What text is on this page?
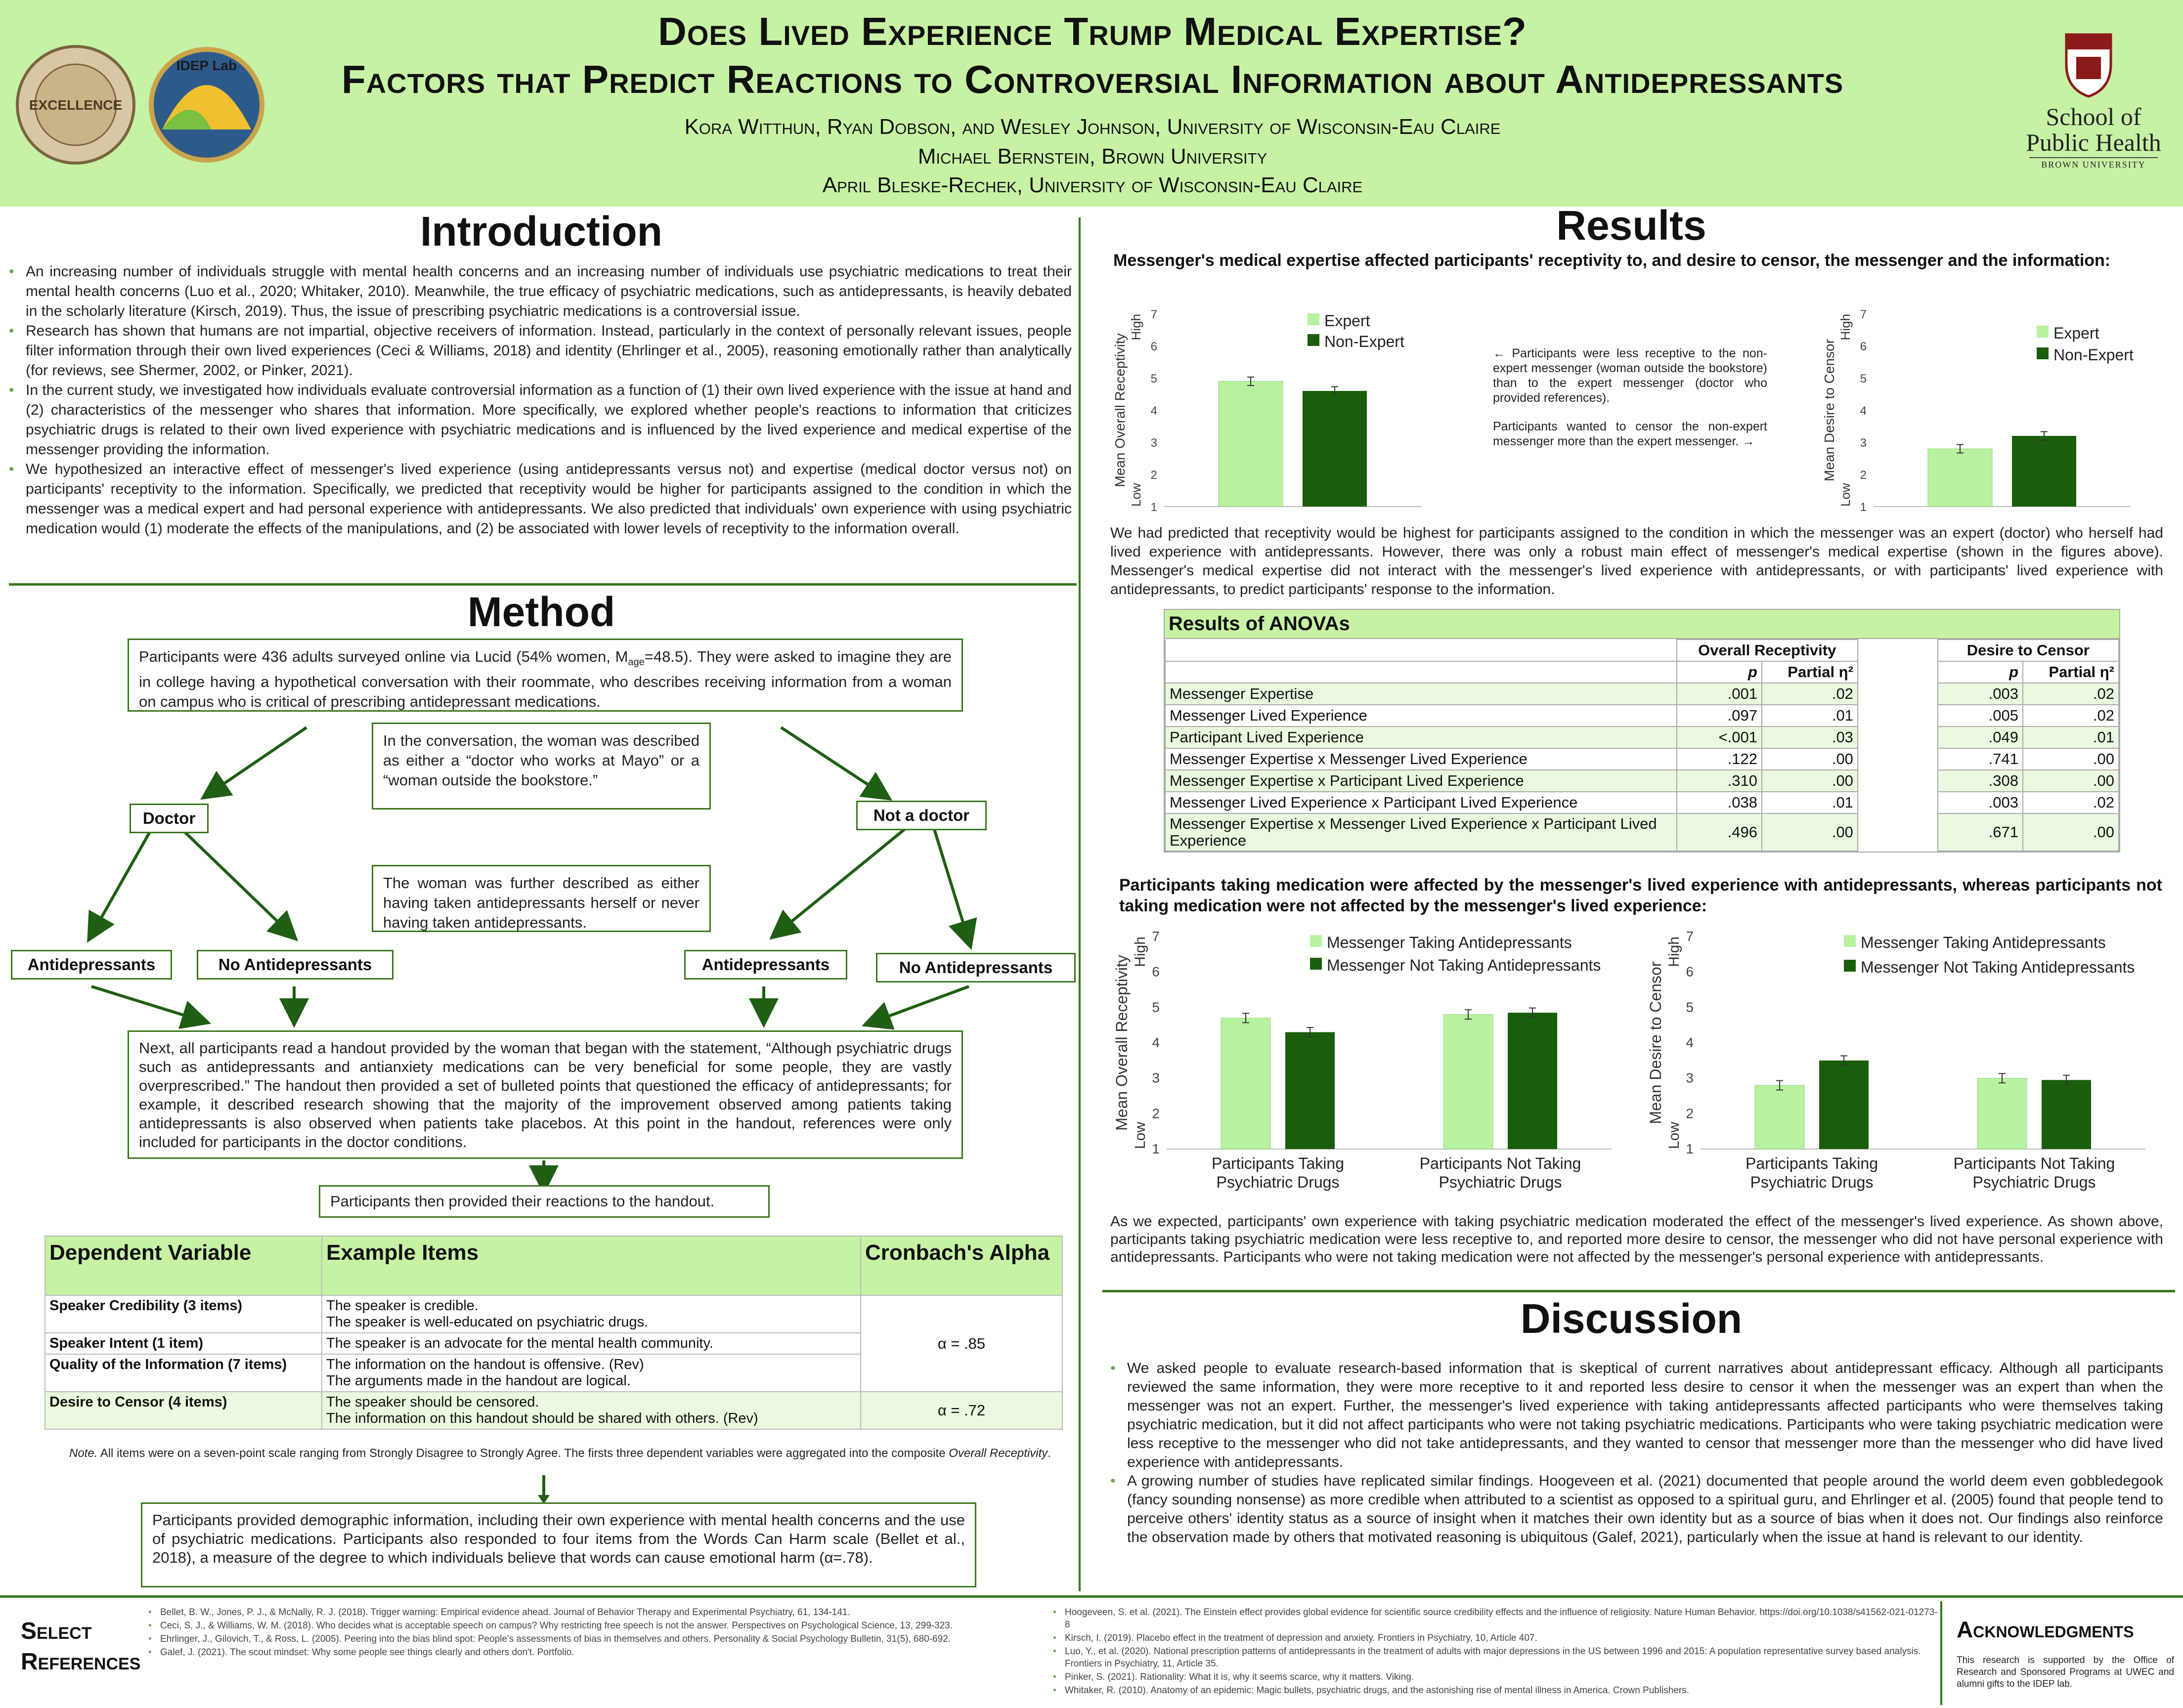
EXCELLENCE
IDEP Lab
Does Lived Experience Trump Medical Expertise?
Factors that Predict Reactions to Controversial Information about Antidepressants
Kora Witthun, Ryan Dobson, and Wesley Johnson, University of Wisconsin-Eau Claire
Michael Bernstein, Brown University
April Bleske-Rechek, University of Wisconsin-Eau Claire
School of
Public Health
BROWN UNIVERSITY
Introduction
• An increasing number of individuals struggle with mental health concerns and an increasing number of individuals use psychiatric medications to treat their mental health concerns (Luo et al., 2020; Whitaker, 2010). Meanwhile, the true efficacy of psychiatric medications, such as antidepressants, is heavily debated in the scholarly literature (Kirsch, 2019). Thus, the issue of prescribing psychiatric medications is a controversial issue.
• Research has shown that humans are not impartial, objective receivers of information. Instead, particularly in the context of personally relevant issues, people filter information through their own lived experiences (Ceci & Williams, 2018) and identity (Ehrlinger et al., 2005), reasoning emotionally rather than analytically (for reviews, see Shermer, 2002, or Pinker, 2021).
• In the current study, we investigated how individuals evaluate controversial information as a function of (1) their own lived experience with the issue at hand and (2) characteristics of the messenger who shares that information. More specifically, we explored whether people's reactions to information that criticizes psychiatric drugs is related to their own lived experience with psychiatric medications and is influenced by the lived experience and medical expertise of the messenger providing the information.
• We hypothesized an interactive effect of messenger's lived experience (using antidepressants versus not) and expertise (medical doctor versus not) on participants' receptivity to the information. Specifically, we predicted that receptivity would be higher for participants assigned to the condition in which the messenger was a medical expert and had personal experience with antidepressants. We also predicted that individuals' own experience with using psychiatric medication would (1) moderate the effects of the manipulations, and (2) be associated with lower levels of receptivity to the information overall.
Method
Participants were 436 adults surveyed online via Lucid (54% women, $M_{age}=48.5$). They were asked to imagine they are in college having a hypothetical conversation with their roommate, who describes receiving information from a woman on campus who is critical of prescribing antidepressant medications.
In the conversation, the woman was described as either a “doctor who works at Mayo” or a “woman outside the bookstore.”
The woman was further described as either having taken antidepressants herself or never having taken antidepressants.
Doctor	Not a doctor
Antidepressants	No Antidepressants	Antidepressants	No Antidepressants
Next, all participants read a handout provided by the woman that began with the statement, “Although psychiatric drugs such as antidepressants and antianxiety medications can be very beneficial for some people, they are vastly overprescribed.” The handout then provided a set of bulleted points that questioned the efficacy of antidepressants; for example, it described research showing that the majority of the improvement observed among patients taking antidepressants is also observed when patients take placebos. At this point in the handout, references were only included for participants in the doctor conditions.
Participants then provided their reactions to the handout.
Dependent Variable	Example Items	Cronbach's Alpha
Speaker Credibility (3 items)	The speaker is credible.
The speaker is well-educated on psychiatric drugs.	α = .85
Speaker Intent (1 item)	The speaker is an advocate for the mental health community.	

Quality of the Information (7 items)	The information on the handout is offensive. (Rev)
The arguments made in the handout are logical.	

Desire to Censor (4 items)	The speaker should be censored.
The information on this handout should be shared with others. (Rev)	α = .72
Note. All items were on a seven-point scale ranging from Strongly Disagree to Strongly Agree. The firsts three dependent variables were aggregated into the composite Overall Receptivity.
Participants provided demographic information, including their own experience with mental health concerns and the use of psychiatric medications. Participants also responded to four items from the Words Can Harm scale (Bellet et al., 2018), a measure of the degree to which individuals believe that words can cause emotional harm (α=.78).
Results
Messenger's medical expertise affected participants' receptivity to, and desire to censor, the messenger and the information:
1
2
3
4
5
6
7
Mean Overall Receptivity
Low
High	Expert
Non-Expert
← Participants were less receptive to the non-expert messenger (woman outside the bookstore) than to the expert messenger (doctor who provided references).
Participants wanted to censor the non-expert messenger more than the expert messenger. →
1
2
3
4
5
6
7
Mean Desire to Censor
Low
High	Expert
Non-Expert
We had predicted that receptivity would be highest for participants assigned to the condition in which the messenger was an expert (doctor) who herself had lived experience with antidepressants. However, there was only a robust main effect of messenger's medical expertise (shown in the figures above). Messenger's medical expertise did not interact with the messenger's lived experience with antidepressants, or with participants' lived experience with antidepressants, to predict participants' response to the information.
Results of ANOVAs
	Overall Receptivity			Desire to Censor	
	p	Partial η²		p	Partial η²
Messenger Expertise	.001	.02		.003	.02
Messenger Lived Experience	.097	.01		.005	.02
Participant Lived Experience	<.001	.03		.049	.01
Messenger Expertise x Messenger Lived Experience	.122	.00		.741	.00
Messenger Expertise x Participant Lived Experience	.310	.00		.308	.00
Messenger Lived Experience x Participant Lived Experience	.038	.01		.003	.02
Messenger Expertise x Messenger Lived Experience x Participant Lived Experience	.496	.00		.671	.00
Participants taking medication were affected by the messenger's lived experience with antidepressants, whereas participants not taking medication were not affected by the messenger's lived experience:
1
2
3
4
5
6
7
Mean Overall Receptivity
Low
High
Participants Taking
Psychiatric Drugs
Participants Not Taking
Psychiatric Drugs
Messenger Taking Antidepressants
Messenger Not Taking Antidepressants
1
2
3
4
5
6
7
Mean Desire to Censor
Low
High
Participants Taking
Psychiatric Drugs
Participants Not Taking
Psychiatric Drugs
Messenger Taking Antidepressants
Messenger Not Taking Antidepressants
As we expected, participants' own experience with taking psychiatric medication moderated the effect of the messenger's lived experience. As shown above, participants taking psychiatric medication were less receptive to, and reported more desire to censor, the messenger who did not have personal experience with antidepressants. Participants who were not taking medication were not affected by the messenger's personal experience with antidepressants.
Discussion
• We asked people to evaluate research-based information that is skeptical of current narratives about antidepressant efficacy. Although all participants reviewed the same information, they were more receptive to it and reported less desire to censor it when the messenger was an expert than when the messenger was not an expert. Further, the messenger's lived experience with taking antidepressants affected participants who were themselves taking psychiatric medication, but it did not affect participants who were not taking psychiatric medications. Participants who were taking psychiatric medication were less receptive to the messenger who did not take antidepressants, and they wanted to censor that messenger more than the messenger who did have lived experience with antidepressants.
• A growing number of studies have replicated similar findings. Hoogeveen et al. (2021) documented that people around the world deem even gobbledegook (fancy sounding nonsense) as more credible when attributed to a scientist as opposed to a spiritual guru, and Ehrlinger et al. (2005) found that people tend to perceive others' identity status as a source of insight when it matches their own identity but as a source of bias when it does not. Our findings also reinforce the observation made by others that motivated reasoning is ubiquitous (Galef, 2021), particularly when the issue at hand is relevant to our identity.
Select
References
• Bellet, B. W., Jones, P. J., & McNally, R. J. (2018). Trigger warning: Empirical evidence ahead. Journal of Behavior Therapy and Experimental Psychiatry, 61, 134-141.
• Ceci, S. J., & Williams, W. M. (2018). Who decides what is acceptable speech on campus? Why restricting free speech is not the answer. Perspectives on Psychological Science, 13, 299-323.
• Ehrlinger, J., Gilovich, T., & Ross, L. (2005). Peering into the bias blind spot: People's assessments of bias in themselves and others. Personality & Social Psychology Bulletin, 31(5), 680-692.
• Galef, J. (2021). The scout mindset: Why some people see things clearly and others don't. Portfolio.
• Hoogeveen, S. et al. (2021). The Einstein effect provides global evidence for scientific source credibility effects and the influence of religiosity. Nature Human Behavior. https://doi.org/10.1038/s41562-021-01273-8
• Kirsch, I. (2019). Placebo effect in the treatment of depression and anxiety. Frontiers in Psychiatry, 10, Article 407.
• Luo, Y., et al. (2020). National prescription patterns of antidepressants in the treatment of adults with major depressions in the US between 1996 and 2015: A population representative survey based analysis. Frontiers in Psychiatry, 11, Article 35.
• Pinker, S. (2021). Rationality: What it is, why it seems scarce, why it matters. Viking.
• Whitaker, R. (2010). Anatomy of an epidemic: Magic bullets, psychiatric drugs, and the astonishing rise of mental illness in America. Crown Publishers.
Acknowledgments
This research is supported by the Office of Research and Sponsored Programs at UWEC and alumni gifts to the IDEP lab.
